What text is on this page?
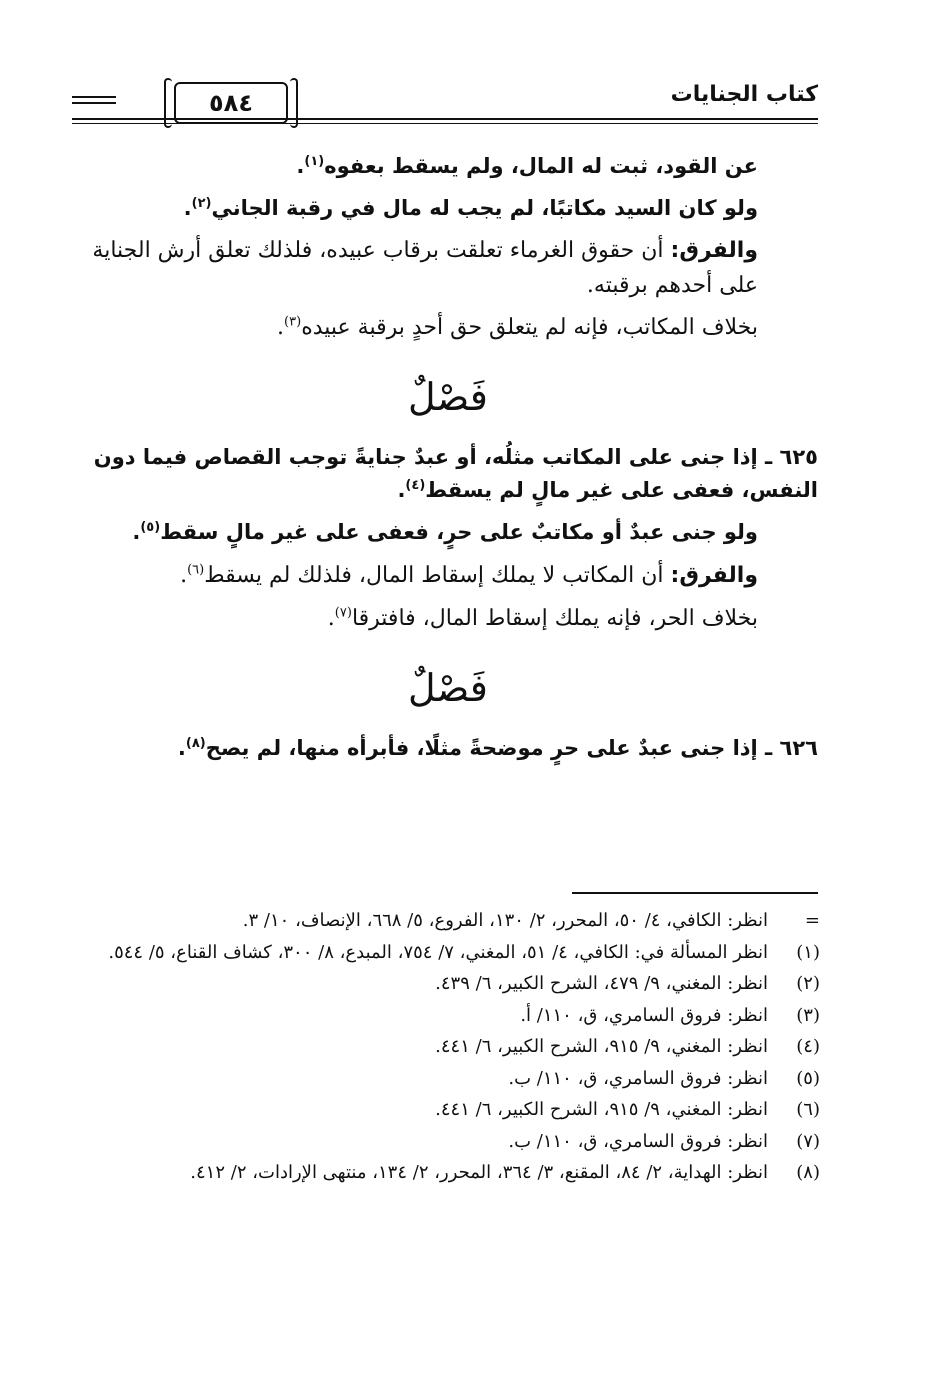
كتاب الجنايات
٥٨٤

عن القود، ثبت له المال، ولم يسقط بعفوه$^{(١)}$.

ولو كان السيد مكاتبًا، لم يجب له مال في رقبة الجاني$^{(٢)}$.

والفرق: أن حقوق الغرماء تعلقت برقاب عبيده، فلذلك تعلق أرش الجناية على أحدهم برقبته.

بخلاف المكاتب، فإنه لم يتعلق حق أحدٍ برقبة عبيده$^{(٣)}$.

فَصْلٌ

٦٢٥ ـ إذا جنى على المكاتب مثلُه، أو عبدٌ جنايةً توجب القصاص فيما دون النفس، فعفى على غير مالٍ لم يسقط$^{(٤)}$.

ولو جنى عبدٌ أو مكاتبٌ على حرٍ، فعفى على غير مالٍ سقط$^{(٥)}$.

والفرق: أن المكاتب لا يملك إسقاط المال، فلذلك لم يسقط$^{(٦)}$.

بخلاف الحر، فإنه يملك إسقاط المال، فافترقا$^{(٧)}$.

فَصْلٌ

٦٢٦ ـ إذا جنى عبدٌ على حرٍ موضحةً مثلًا، فأبرأه منها، لم يصح$^{(٨)}$.

=
انظر: الكافي، ٤/ ٥٠، المحرر، ٢/ ١٣٠، الفروع، ٥/ ٦٦٨، الإنصاف، ١٠/ ٣.
(١)
انظر المسألة في: الكافي، ٤/ ٥١، المغني، ٧/ ٧٥٤، المبدع، ٨/ ٣٠٠، كشاف القناع، ٥/ ٥٤٤.
(٢)
انظر: المغني، ٩/ ٤٧٩، الشرح الكبير، ٦/ ٤٣٩.
(٣)
انظر: فروق السامري، ق، ١١٠/ أ.
(٤)
انظر: المغني، ٩/ ٩١٥، الشرح الكبير، ٦/ ٤٤١.
(٥)
انظر: فروق السامري، ق، ١١٠/ ب.
(٦)
انظر: المغني، ٩/ ٩١٥، الشرح الكبير، ٦/ ٤٤١.
(٧)
انظر: فروق السامري، ق، ١١٠/ ب.
(٨)
انظر: الهداية، ٢/ ٨٤، المقنع، ٣/ ٣٦٤، المحرر، ٢/ ١٣٤، منتهى الإرادات، ٢/ ٤١٢.
